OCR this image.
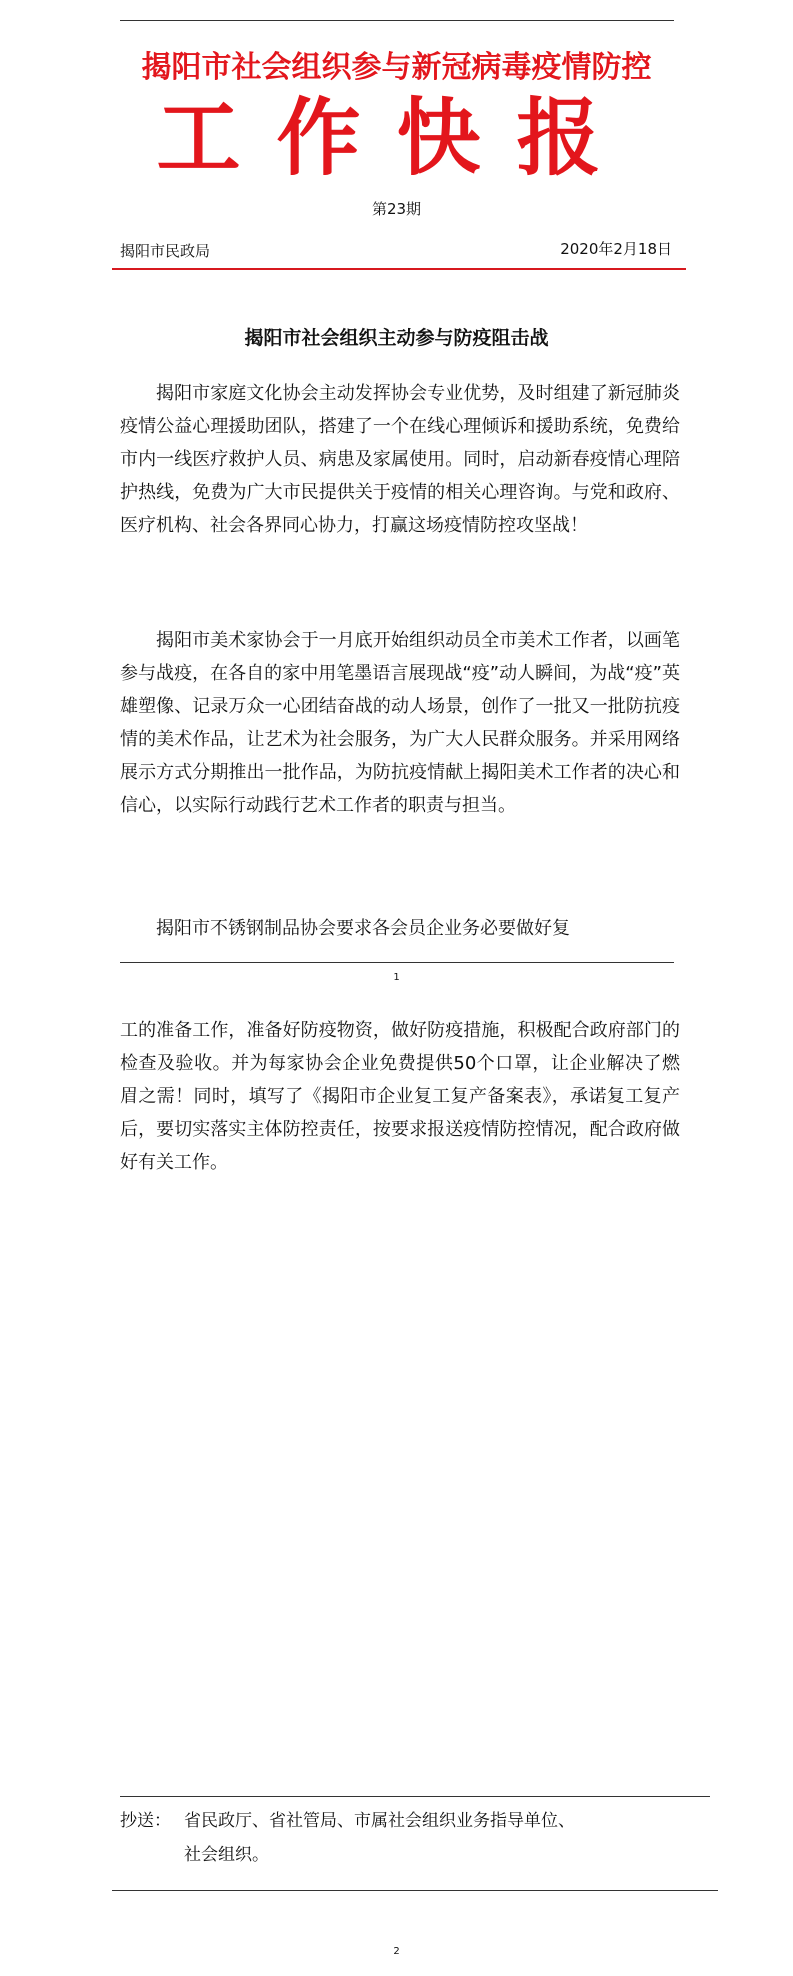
揭阳市社会组织参与新冠病毒疫情防控
工作快报
第23期
揭阳市民政局	2020年2月18日
揭阳市社会组织主动参与防疫阻击战

揭阳市家庭文化协会主动发挥协会专业优势，及时组建了新冠肺炎疫情公益心理援助团队，搭建了一个在线心理倾诉和援助系统，免费给市内一线医疗救护人员、病患及家属使用。同时，启动新春疫情心理陪护热线，免费为广大市民提供关于疫情的相关心理咨询。与党和政府、医疗机构、社会各界同心协力，打赢这场疫情防控攻坚战！

揭阳市美术家协会于一月底开始组织动员全市美术工作者，以画笔参与战疫，在各自的家中用笔墨语言展现战“疫”动人瞬间，为战“疫”英雄塑像、记录万众一心团结奋战的动人场景，创作了一批又一批防抗疫情的美术作品，让艺术为社会服务，为广大人民群众服务。并采用网络展示方式分期推出一批作品，为防抗疫情献上揭阳美术工作者的决心和信心，以实际行动践行艺术工作者的职责与担当。

揭阳市不锈钢制品协会要求各会员企业务必要做好复

1

工的准备工作，准备好防疫物资，做好防疫措施，积极配合政府部门的检查及验收。并为每家协会企业免费提供50个口罩，让企业解决了燃眉之需！同时，填写了《揭阳市企业复工复产备案表》，承诺复工复产后，要切实落实主体防控责任，按要求报送疫情防控情况，配合政府做好有关工作。

抄送： 省民政厅、省社管局、市属社会组织业务指导单位、
社会组织。
2
